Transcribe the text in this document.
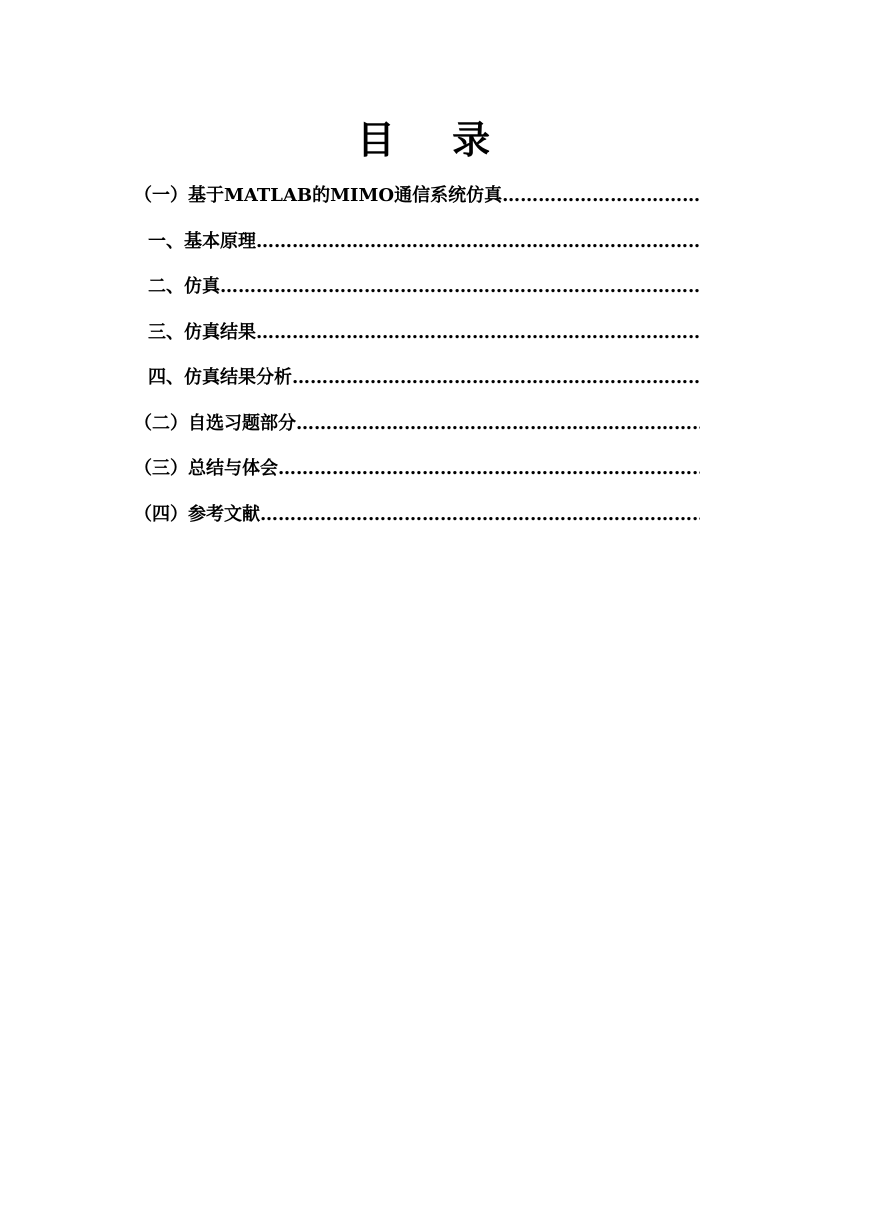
目 录
（一）基于MATLAB的MIMO通信系统仿真
……………………………………………………………………………………………………………………………………………
一、基本原理
……………………………………………………………………………………………………………………………………………
二、仿真
……………………………………………………………………………………………………………………………………………
三、仿真结果
……………………………………………………………………………………………………………………………………………
四、仿真结果分析
……………………………………………………………………………………………………………………………………………
（二）自选习题部分
……………………………………………………………………………………………………………………………………………
（三）总结与体会
……………………………………………………………………………………………………………………………………………
（四）参考文献
……………………………………………………………………………………………………………………………………………
